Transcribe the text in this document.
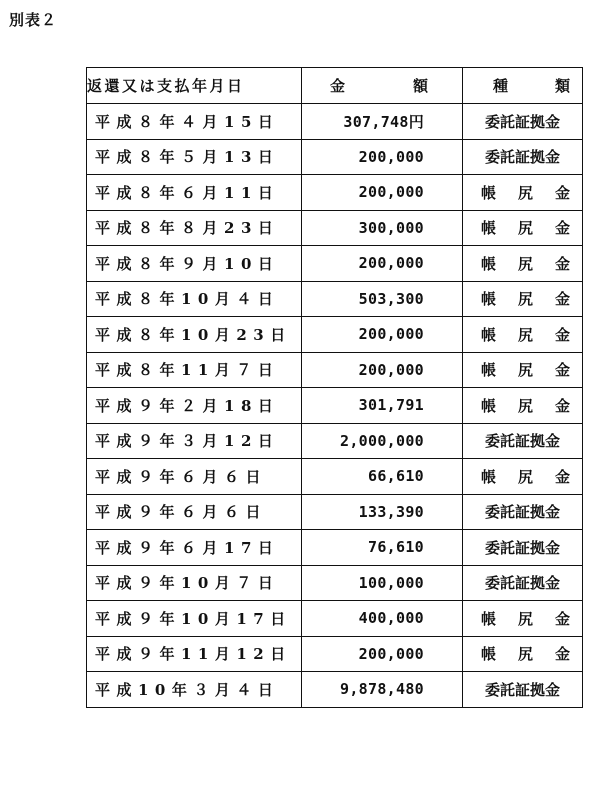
別表２
返還又は支払年月日	金 額	種 類

平成８年４月15日	307,748円	委託証拠金
平成８年５月13日	200,000	委託証拠金
平成８年６月11日	200,000	帳 尻 金

平成８年８月23日	300,000	帳 尻 金

平成８年９月10日	200,000	帳 尻 金

平成８年10月４日	503,300	帳 尻 金

平成８年10月23日	200,000	帳 尻 金

平成８年11月７日	200,000	帳 尻 金

平成９年２月18日	301,791	帳 尻 金

平成９年３月12日	2,000,000	委託証拠金
平成９年６月６日	66,610	帳 尻 金

平成９年６月６日	133,390	委託証拠金
平成９年６月17日	76,610	委託証拠金
平成９年10月７日	100,000	委託証拠金
平成９年10月17日	400,000	帳 尻 金

平成９年11月12日	200,000	帳 尻 金

平成10年３月４日	9,878,480	委託証拠金
